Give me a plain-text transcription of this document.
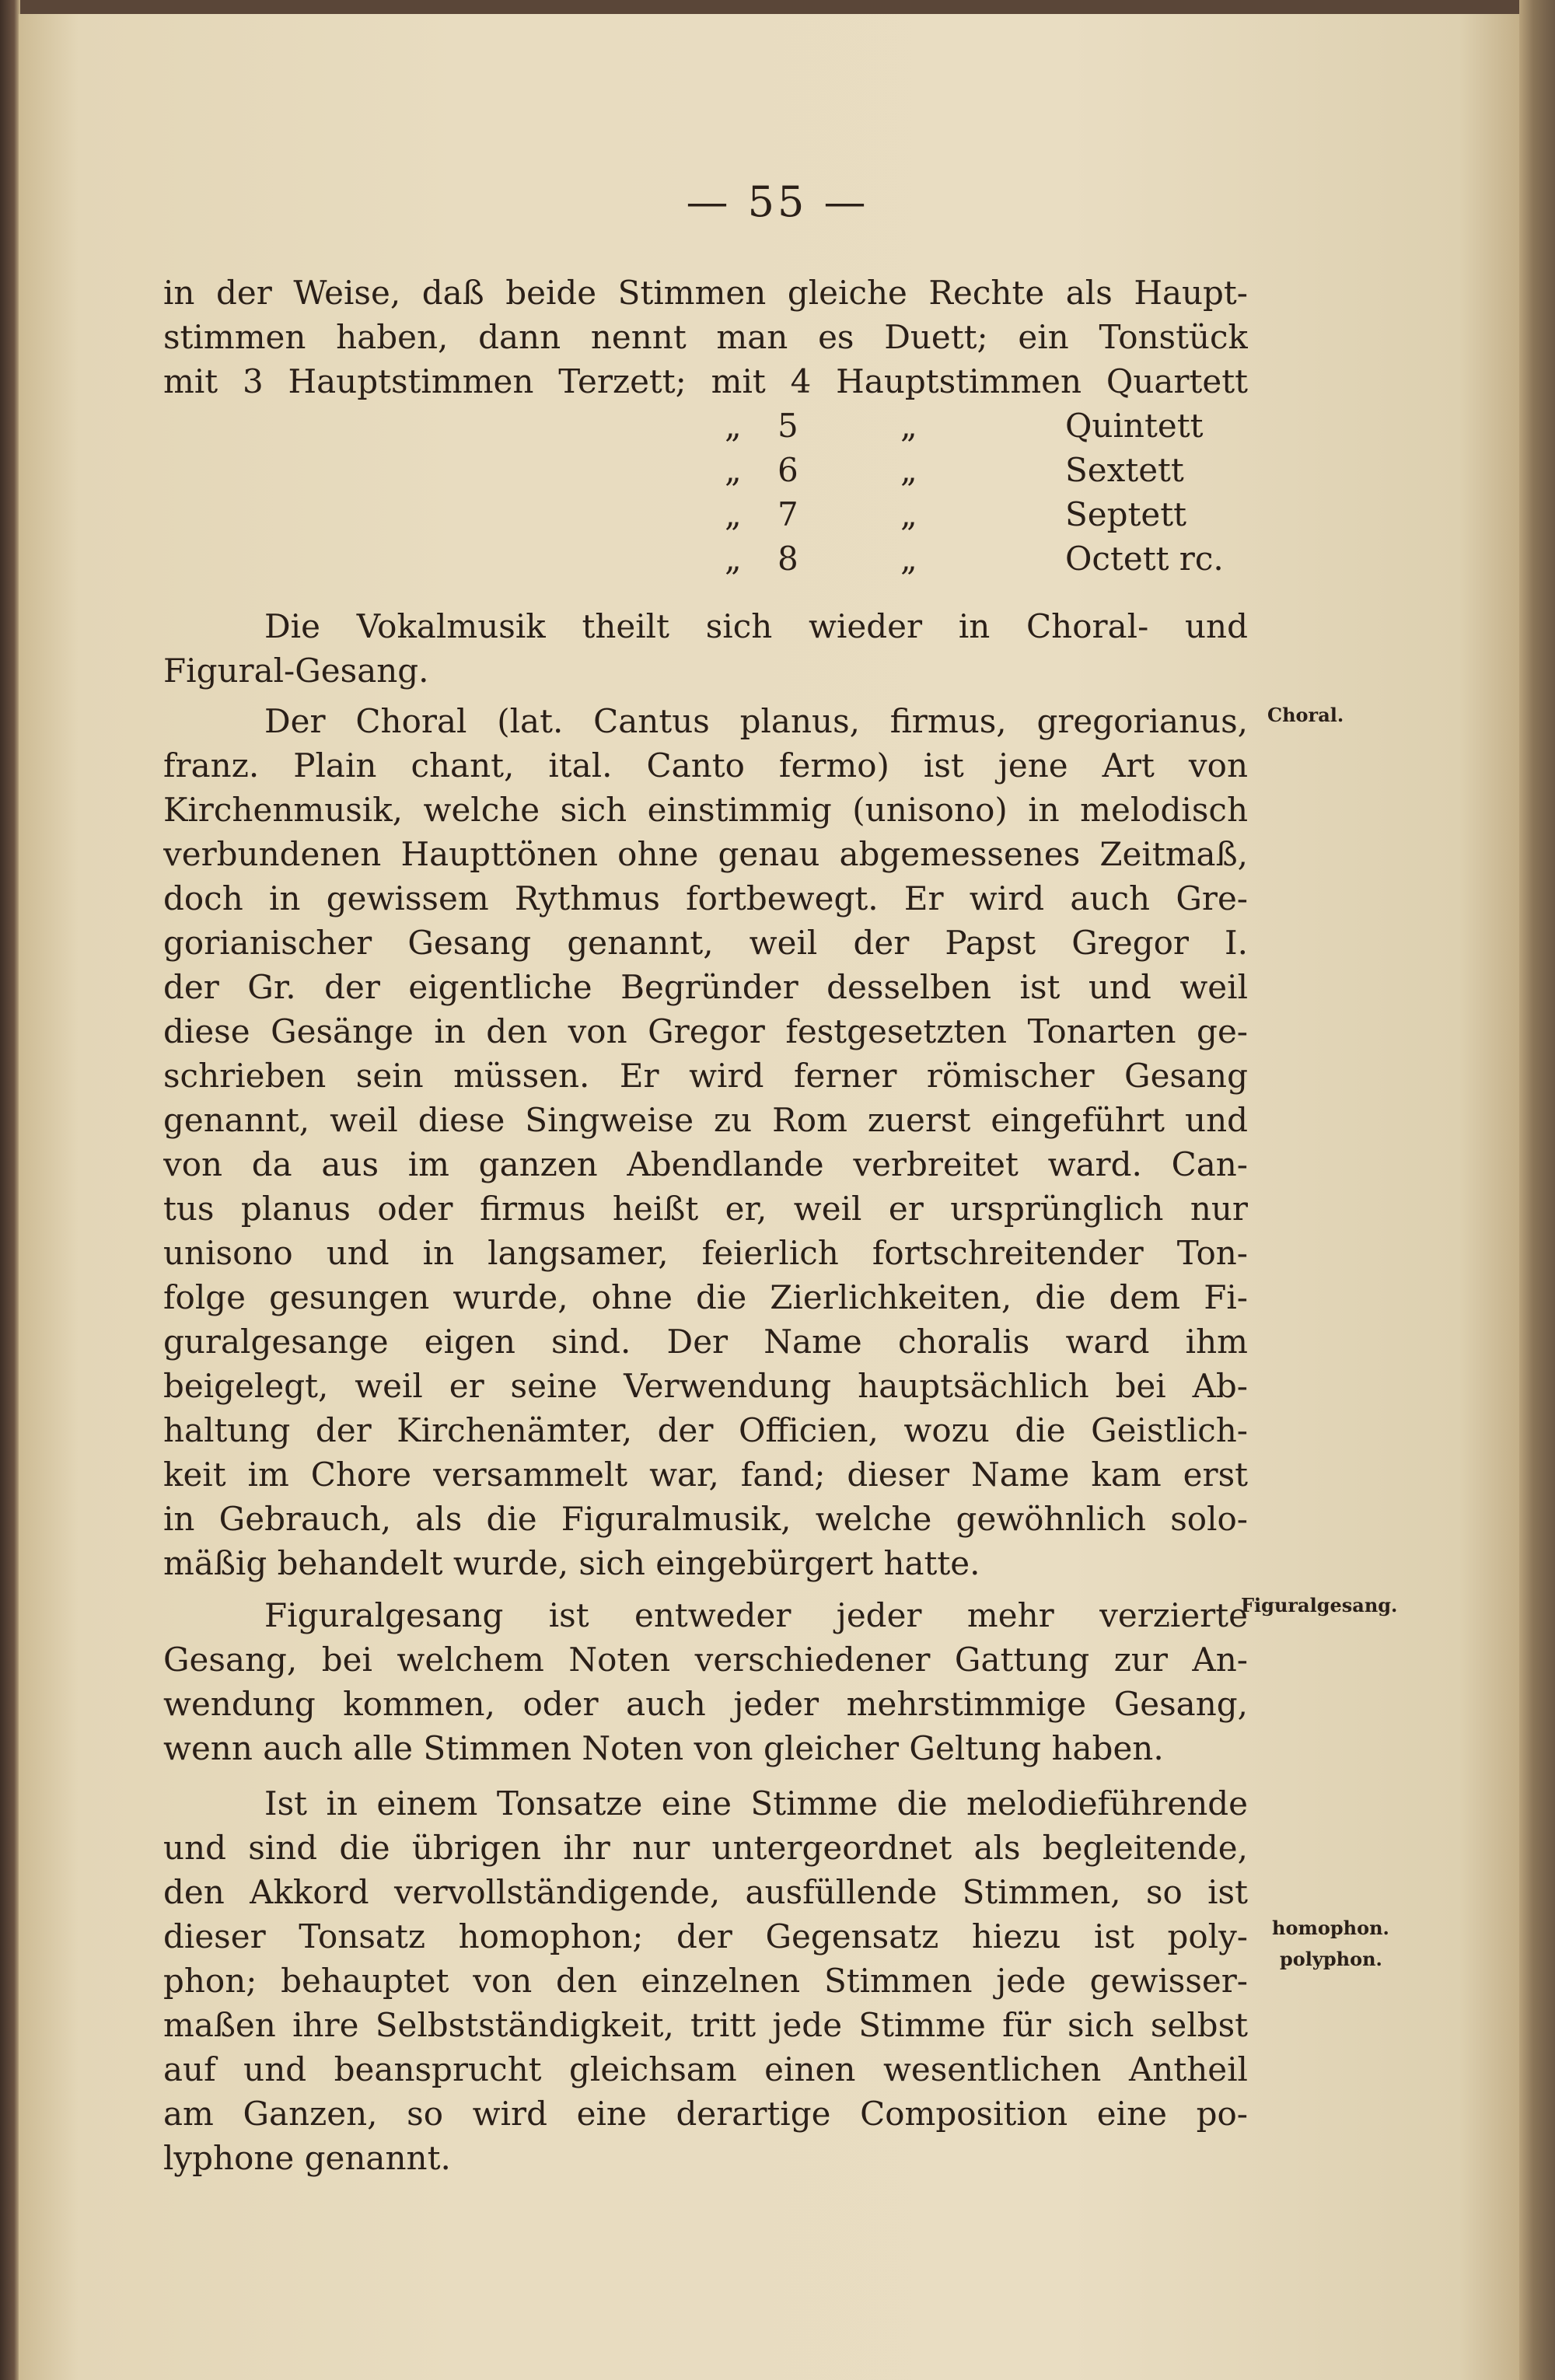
— 55 —
in der Weise, daß beide Stimmen gleiche Rechte als Haupt-
stimmen haben, dann nennt man es Duett; ein Tonstück
mit 3 Hauptstimmen Terzett; mit 4 Hauptstimmen Quartett
„ 5	„	Quintett
„ 6	„	Sextett
„ 7	„	Septett
„ 8	„	Octett rc.
Die Vokalmusik theilt sich wieder in Choral- und
Figural-Gesang.
Der Choral (lat. Cantus planus, firmus, gregorianus,
franz. Plain chant, ital. Canto fermo) ist jene Art von
Kirchenmusik, welche sich einstimmig (unisono) in melodisch
verbundenen Haupttönen ohne genau abgemessenes Zeitmaß,
doch in gewissem Rythmus fortbewegt. Er wird auch Gre-
gorianischer Gesang genannt, weil der Papst Gregor I.
der Gr. der eigentliche Begründer desselben ist und weil
diese Gesänge in den von Gregor festgesetzten Tonarten ge-
schrieben sein müssen. Er wird ferner römischer Gesang
genannt, weil diese Singweise zu Rom zuerst eingeführt und
von da aus im ganzen Abendlande verbreitet ward. Can-
tus planus oder firmus heißt er, weil er ursprünglich nur
unisono und in langsamer, feierlich fortschreitender Ton-
folge gesungen wurde, ohne die Zierlichkeiten, die dem Fi-
guralgesange eigen sind. Der Name choralis ward ihm
beigelegt, weil er seine Verwendung hauptsächlich bei Ab-
haltung der Kirchenämter, der Officien, wozu die Geistlich-
keit im Chore versammelt war, fand; dieser Name kam erst
in Gebrauch, als die Figuralmusik, welche gewöhnlich solo-
mäßig behandelt wurde, sich eingebürgert hatte.
Figuralgesang ist entweder jeder mehr verzierte
Gesang, bei welchem Noten verschiedener Gattung zur An-
wendung kommen, oder auch jeder mehrstimmige Gesang,
wenn auch alle Stimmen Noten von gleicher Geltung haben.
Ist in einem Tonsatze eine Stimme die melodieführende
und sind die übrigen ihr nur untergeordnet als begleitende,
den Akkord vervollständigende, ausfüllende Stimmen, so ist
dieser Tonsatz homophon; der Gegensatz hiezu ist poly-
phon; behauptet von den einzelnen Stimmen jede gewisser-
maßen ihre Selbstständigkeit, tritt jede Stimme für sich selbst
auf und beansprucht gleichsam einen wesentlichen Antheil
am Ganzen, so wird eine derartige Composition eine po-
lyphone genannt.
Choral.
Figuralgesang.
homophon.
polyphon.
